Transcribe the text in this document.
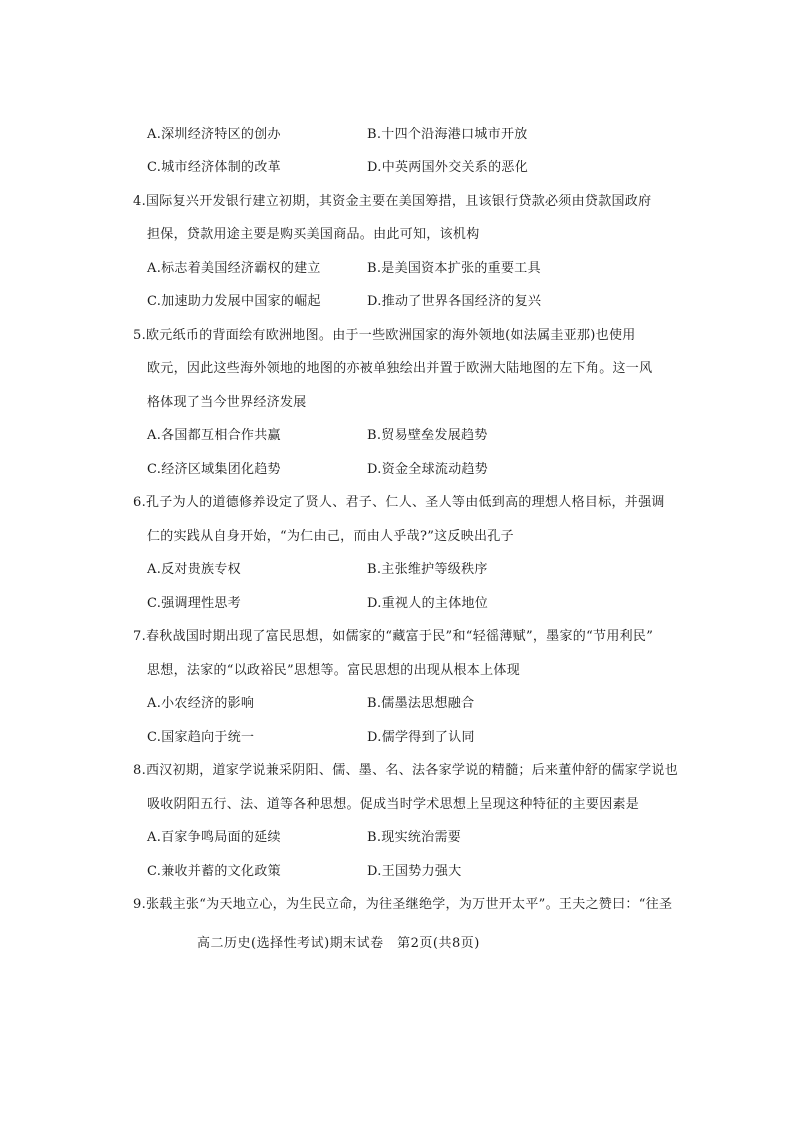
A.深圳经济特区的创办	B.十四个沿海港口城市开放
C.城市经济体制的改革	D.中英两国外交关系的恶化
4.国际复兴开发银行建立初期，其资金主要在美国筹措，且该银行贷款必须由贷款国政府
担保，贷款用途主要是购买美国商品。由此可知，该机构
A.标志着美国经济霸权的建立	B.是美国资本扩张的重要工具
C.加速助力发展中国家的崛起	D.推动了世界各国经济的复兴
5.欧元纸币的背面绘有欧洲地图。由于一些欧洲国家的海外领地(如法属圭亚那)也使用
欧元，因此这些海外领地的地图的亦被单独绘出并置于欧洲大陆地图的左下角。这一风
格体现了当今世界经济发展
A.各国都互相合作共赢	B.贸易壁垒发展趋势
C.经济区域集团化趋势	D.资金全球流动趋势
6.孔子为人的道德修养设定了贤人、君子、仁人、圣人等由低到高的理想人格目标，并强调
仁的实践从自身开始，“为仁由己，而由人乎哉?”这反映出孔子
A.反对贵族专权	B.主张维护等级秩序
C.强调理性思考	D.重视人的主体地位
7.春秋战国时期出现了富民思想，如儒家的“藏富于民”和“轻徭薄赋”，墨家的“节用利民”
思想，法家的“以政裕民”思想等。富民思想的出现从根本上体现
A.小农经济的影响	B.儒墨法思想融合
C.国家趋向于统一	D.儒学得到了认同
8.西汉初期，道家学说兼采阴阳、儒、墨、名、法各家学说的精髓；后来董仲舒的儒家学说也
吸收阴阳五行、法、道等各种思想。促成当时学术思想上呈现这种特征的主要因素是
A.百家争鸣局面的延续	B.现实统治需要
C.兼收并蓄的文化政策	D.王国势力强大
9.张载主张“为天地立心，为生民立命，为往圣继绝学，为万世开太平”。王夫之赞曰：“往圣
高二历史(选择性考试)期末试卷　第2页(共8页)
